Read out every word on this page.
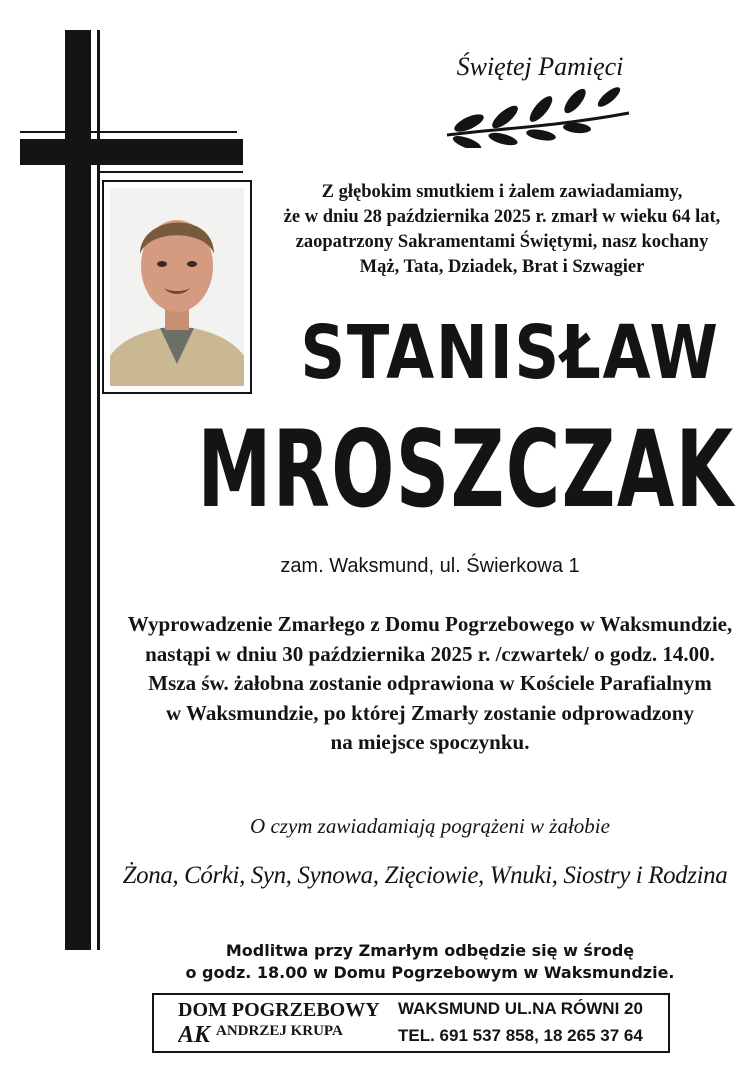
Świętej Pamięci
Z głębokim smutkiem i żalem zawiadamiamy,
że w dniu 28 października 2025 r. zmarł w wieku 64 lat,
zaopatrzony Sakramentami Świętymi, nasz kochany
Mąż, Tata, Dziadek, Brat i Szwagier
STANISŁAW
MROSZCZAK
zam. Waksmund, ul. Świerkowa 1
Wyprowadzenie Zmarłego z Domu Pogrzebowego w Waksmundzie,
nastąpi w dniu 30 października 2025 r. /czwartek/ o godz. 14.00.
Msza św. żałobna zostanie odprawiona w Kościele Parafialnym
w Waksmundzie, po której Zmarły zostanie odprowadzony
na miejsce spoczynku.
O czym zawiadamiają pogrążeni w żałobie
Żona, Córki, Syn, Synowa, Zięciowie, Wnuki, Siostry i Rodzina
Modlitwa przy Zmarłym odbędzie się w środę
o godz. 18.00 w Domu Pogrzebowym w Waksmundzie.
DOM POGRZEBOWY
AK ANDRZEJ KRUPA
WAKSMUND UL.NA RÓWNI 20
TEL. 691 537 858, 18 265 37 64
